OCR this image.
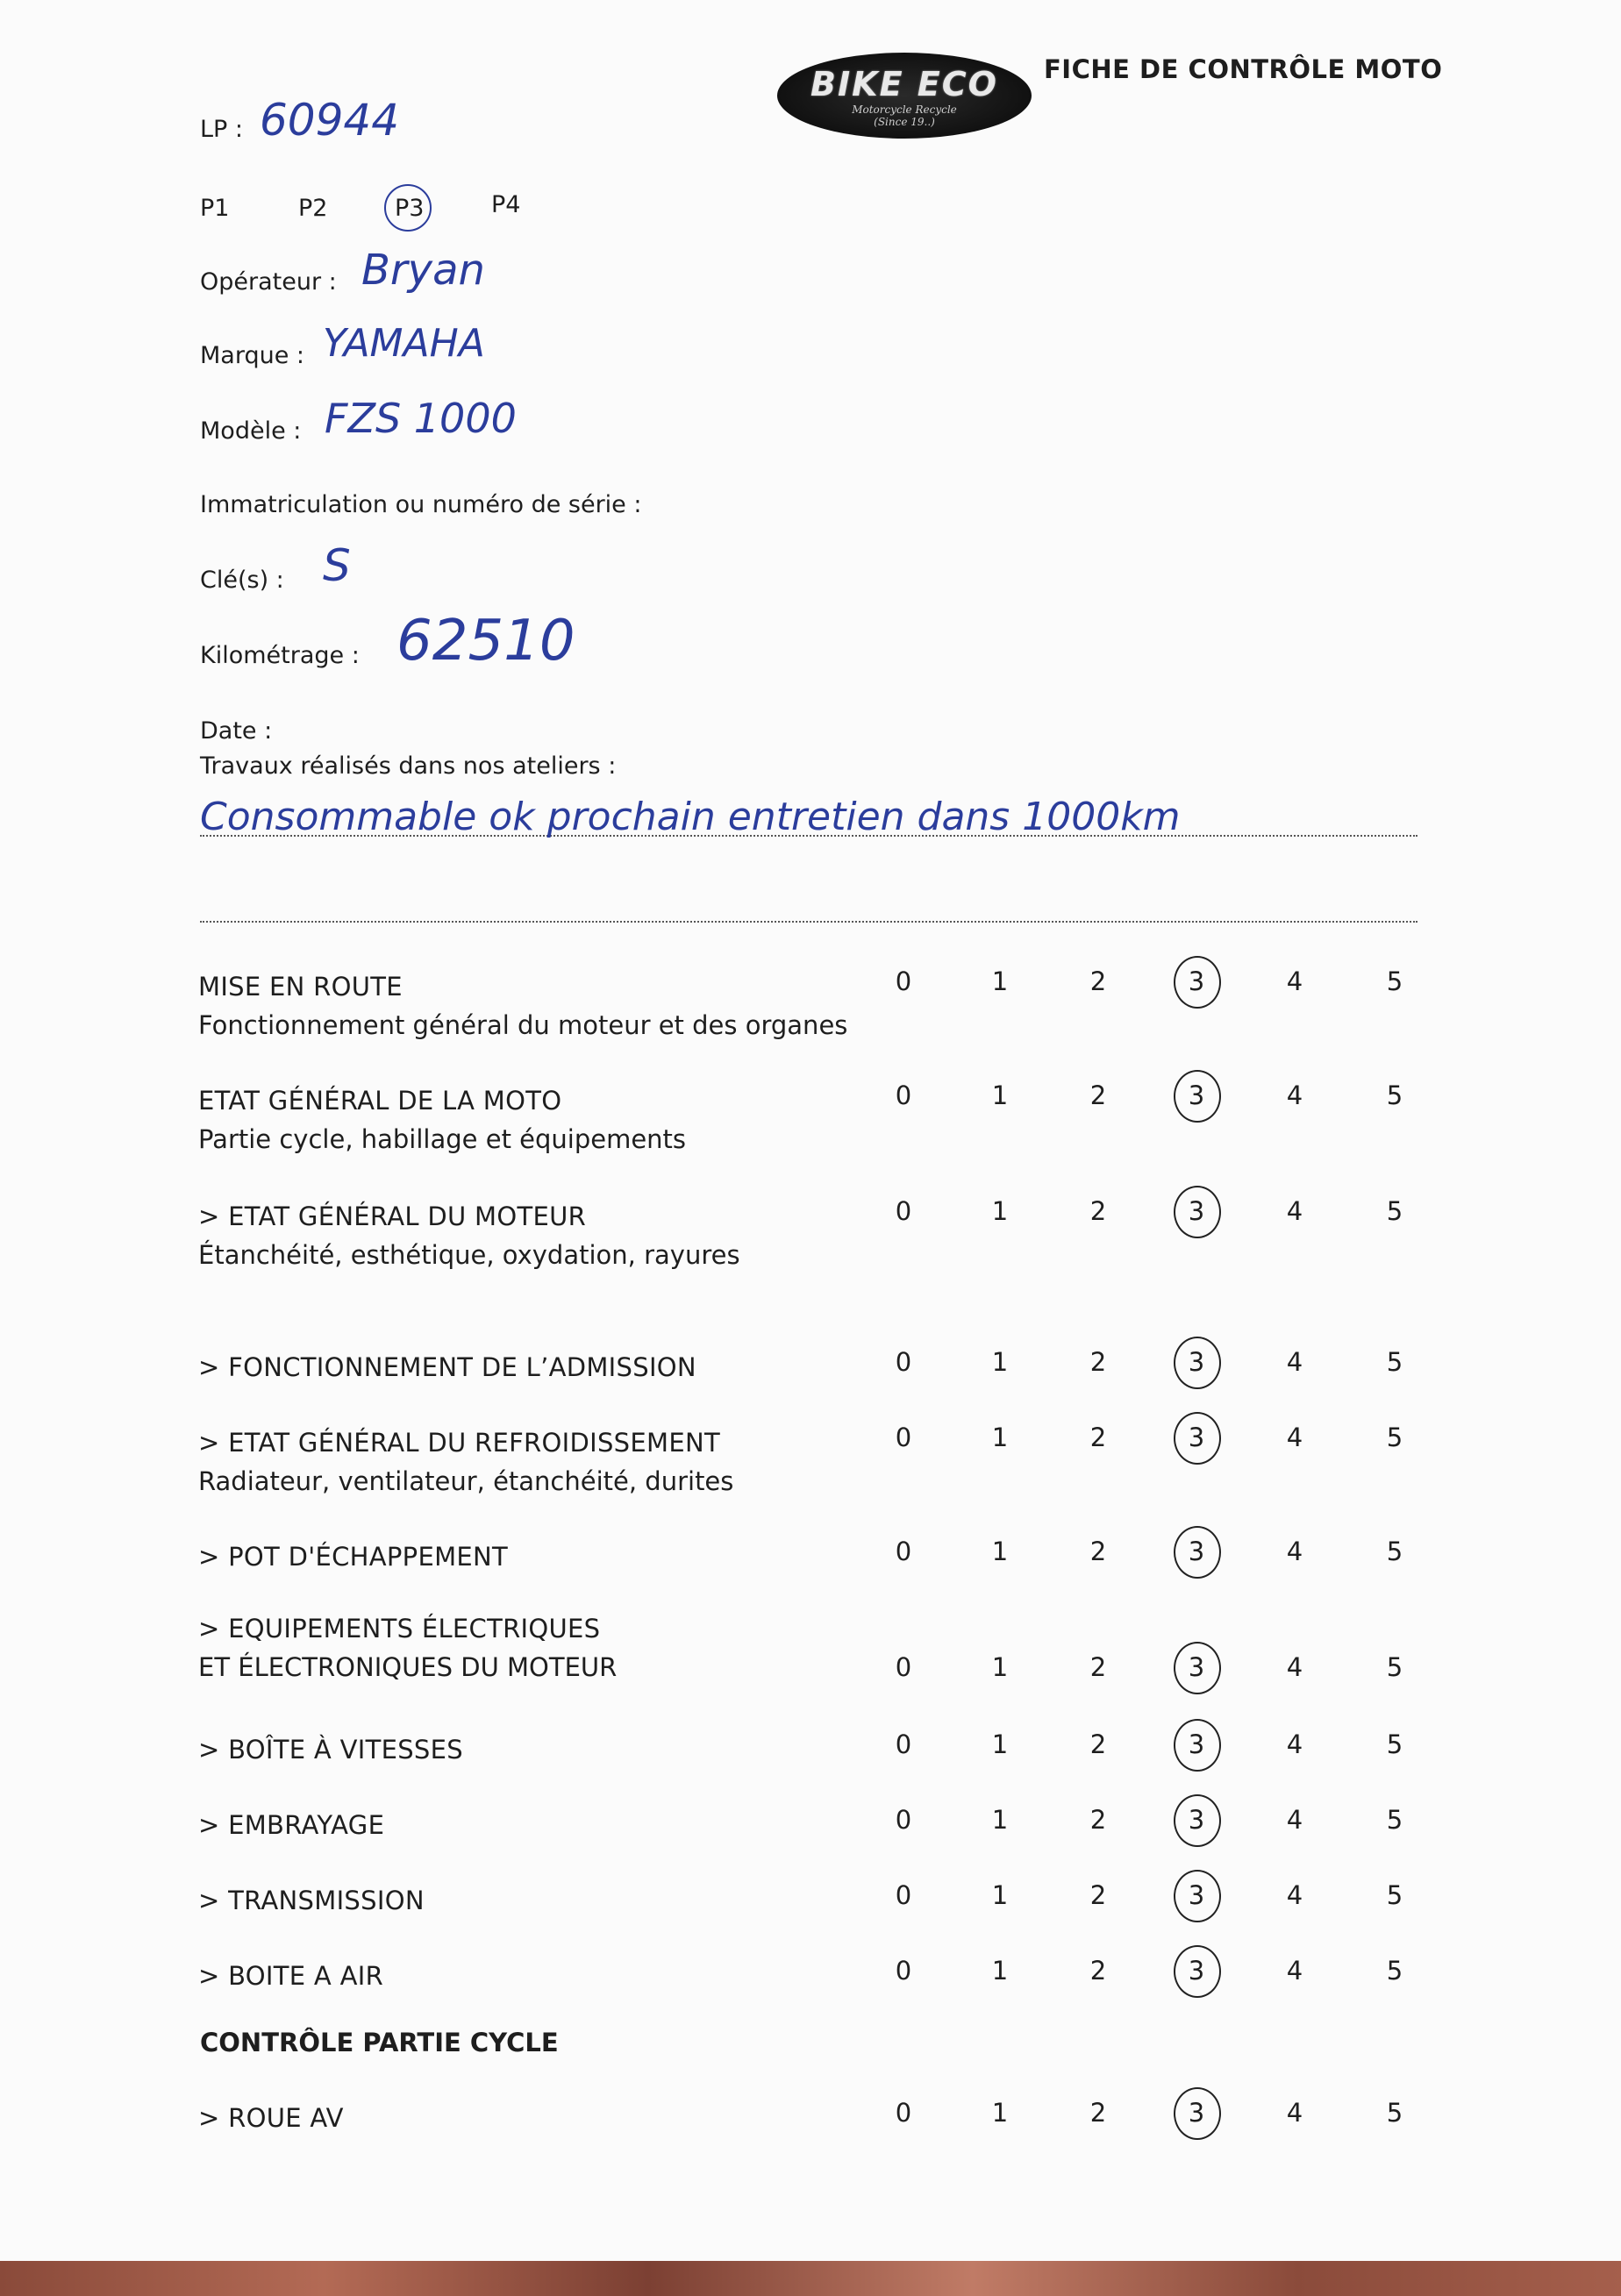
BIKE ECO
Motorcycle Recycle
(Since 19..)
FICHE DE CONTRÔLE MOTO
LP : 60944
P1	P2	P3	P4
Opérateur : Bryan
Marque : YAMAHA
Modèle : FZS 1000
Immatriculation ou numéro de série :
Clé(s) : S
Kilométrage : 62510
Date :
Travaux réalisés dans nos ateliers :
Consommable ok prochain entretien dans 1000km
MISE EN ROUTE
Fonctionnement général du moteur et des organes
0	1	2	3	4	5
ETAT GÉNÉRAL DE LA MOTO
Partie cycle, habillage et équipements
0	1	2	3	4	5
> ETAT GÉNÉRAL DU MOTEUR
Étanchéité, esthétique, oxydation, rayures
0	1	2	3	4	5
> FONCTIONNEMENT DE L’ADMISSION	0	1	2	3	4	5
> ETAT GÉNÉRAL DU REFROIDISSEMENT
Radiateur, ventilateur, étanchéité, durites
0	1	2	3	4	5
> POT D'ÉCHAPPEMENT	0	1	2	3	4	5
> EQUIPEMENTS ÉLECTRIQUES
ET ÉLECTRONIQUES DU MOTEUR	0	1	2	3	4	5
> BOÎTE À VITESSES	0	1	2	3	4	5
> EMBRAYAGE	0	1	2	3	4	5
> TRANSMISSION	0	1	2	3	4	5
> BOITE A AIR	0	1	2	3	4	5
CONTRÔLE PARTIE CYCLE
> ROUE AV	0	1	2	3	4	5
